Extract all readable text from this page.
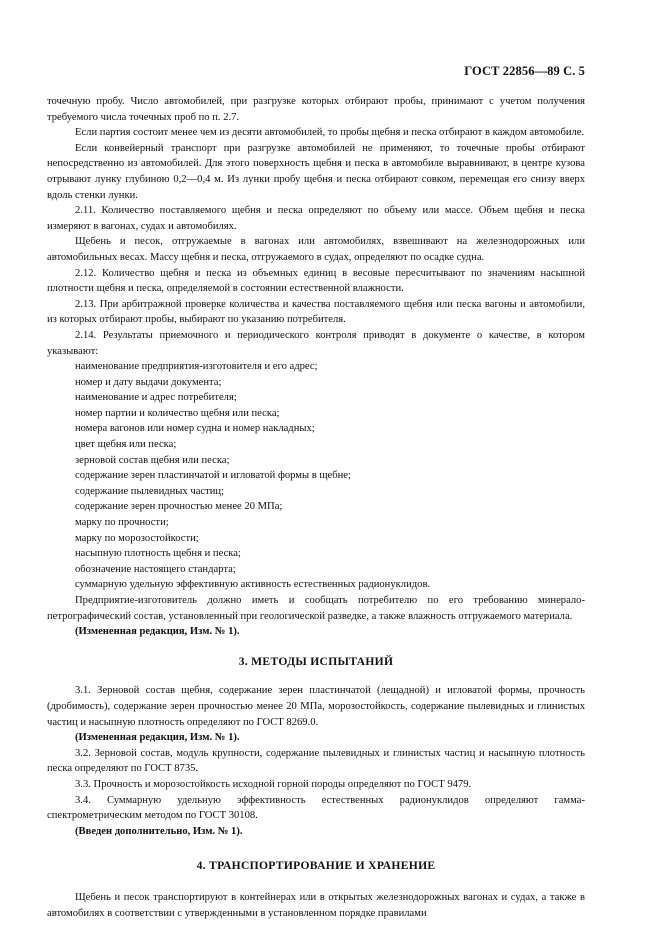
ГОСТ 22856—89 С. 5

точечную пробу. Число автомобилей, при разгрузке которых отбирают пробы, принимают с учетом получения требуемого числа точечных проб по п. 2.7.

Если партия состоит менее чем из десяти автомобилей, то пробы щебня и песка отбирают в каждом автомобиле.

Если конвейерный транспорт при разгрузке автомобилей не применяют, то точечные пробы отбирают непосредственно из автомобилей. Для этого поверхность щебня и песка в автомобиле выравнивают, в центре кузова отрывают лунку глубиною 0,2—0,4 м. Из лунки пробу щебня и песка отбирают совком, перемещая его снизу вверх вдоль стенки лунки.

2.11. Количество поставляемого щебня и песка определяют по объему или массе. Объем щебня и песка измеряют в вагонах, судах и автомобилях.

Щебень и песок, отгружаемые в вагонах или автомобилях, взвешивают на железнодорожных или автомобильных весах. Массу щебня и песка, отгружаемого в судах, определяют по осадке судна.

2.12. Количество щебня и песка из объемных единиц в весовые пересчитывают по значениям насыпной плотности щебня и песка, определяемой в состоянии естественной влажности.

2.13. При арбитражной проверке количества и качества поставляемого щебня или песка вагоны и автомобили, из которых отбирают пробы, выбирают по указанию потребителя.

2.14. Результаты приемочного и периодического контроля приводят в документе о качестве, в котором указывают:

наименование предприятия-изготовителя и его адрес;

номер и дату выдачи документа;

наименование и адрес потребителя;

номер партии и количество щебня или песка;

номера вагонов или номер судна и номер накладных;

цвет щебня или песка;

зерновой состав щебня или песка;

содержание зерен пластинчатой и игловатой формы в щебне;

содержание пылевидных частиц;

содержание зерен прочностью менее 20 МПа;

марку по прочности;

марку по морозостойкости;

насыпную плотность щебня и песка;

обозначение настоящего стандарта;

суммарную удельную эффективную активность естественных радионуклидов.

Предприятие-изготовитель должно иметь и сообщать потребителю по его требованию минерало-петрографический состав, установленный при геологической разведке, а также влажность отгружаемого материала.

(Измененная редакция, Изм. № 1).

3. МЕТОДЫ ИСПЫТАНИЙ

3.1. Зерновой состав щебня, содержание зерен пластинчатой (лещадной) и игловатой формы, прочность (дробимость), содержание зерен прочностью менее 20 МПа, морозостойкость, содержание пылевидных и глинистых частиц и насыпную плотность определяют по ГОСТ 8269.0.

(Измененная редакция, Изм. № 1).

3.2. Зерновой состав, модуль крупности, содержание пылевидных и глинистых частиц и насыпную плотность песка определяют по ГОСТ 8735.

3.3. Прочность и морозостойкость исходной горной породы определяют по ГОСТ 9479.

3.4. Суммарную удельную эффективность естественных радионуклидов определяют гамма-спектрометрическим методом по ГОСТ 30108.

(Введен дополнительно, Изм. № 1).

4. ТРАНСПОРТИРОВАНИЕ И ХРАНЕНИЕ

Щебень и песок транспортируют в контейнерах или в открытых железнодорожных вагонах и судах, а также в автомобилях в соответствии с утвержденными в установленном порядке правилами
